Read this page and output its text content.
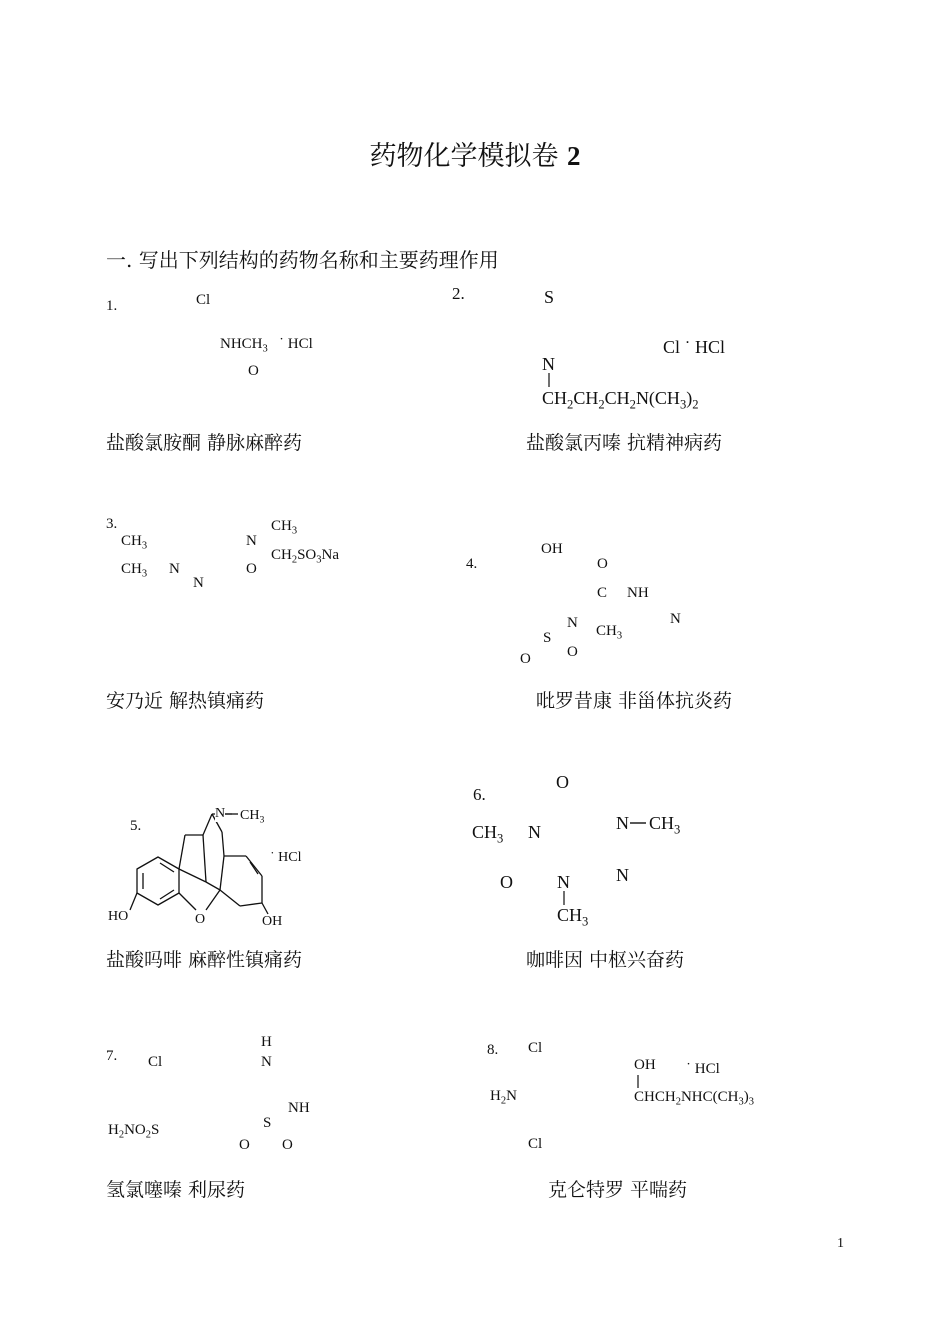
药物化学模拟卷 2
一. 写出下列结构的药物名称和主要药理作用
1.	Cl
$NHCH_3$ ˙ HCl
O
盐酸氯胺酮 静脉麻醉药
2.	S
Cl ˙ HCl
N
$CH_2CH_2CH_2N(CH_3)_2$
盐酸氯丙嗪 抗精神病药
3.	$CH_3$
$CH_3$	N
$CH_2SO_3Na$
$CH_3$ N	O
N
安乃近 解热镇痛药
OH
4.	O
C NH
N
N $CH_3$
S
O
O
吡罗昔康 非甾体抗炎药
5.
N $CH_3$
˙ HCl
HO	O	OH
盐酸吗啡 麻醉性镇痛药
O
6.
N $CH_3$
$CH_3$ N
N
O N
$CH_3$
咖啡因 中枢兴奋药
H
7. Cl	N
NH
S
$H_2NO_2S$
O O
氢氯噻嗪 利尿药
8. Cl
OH ˙ HCl
$H_2N$	$CHCH_2NHC(CH_3)_3$
Cl
克仑特罗 平喘药
1
